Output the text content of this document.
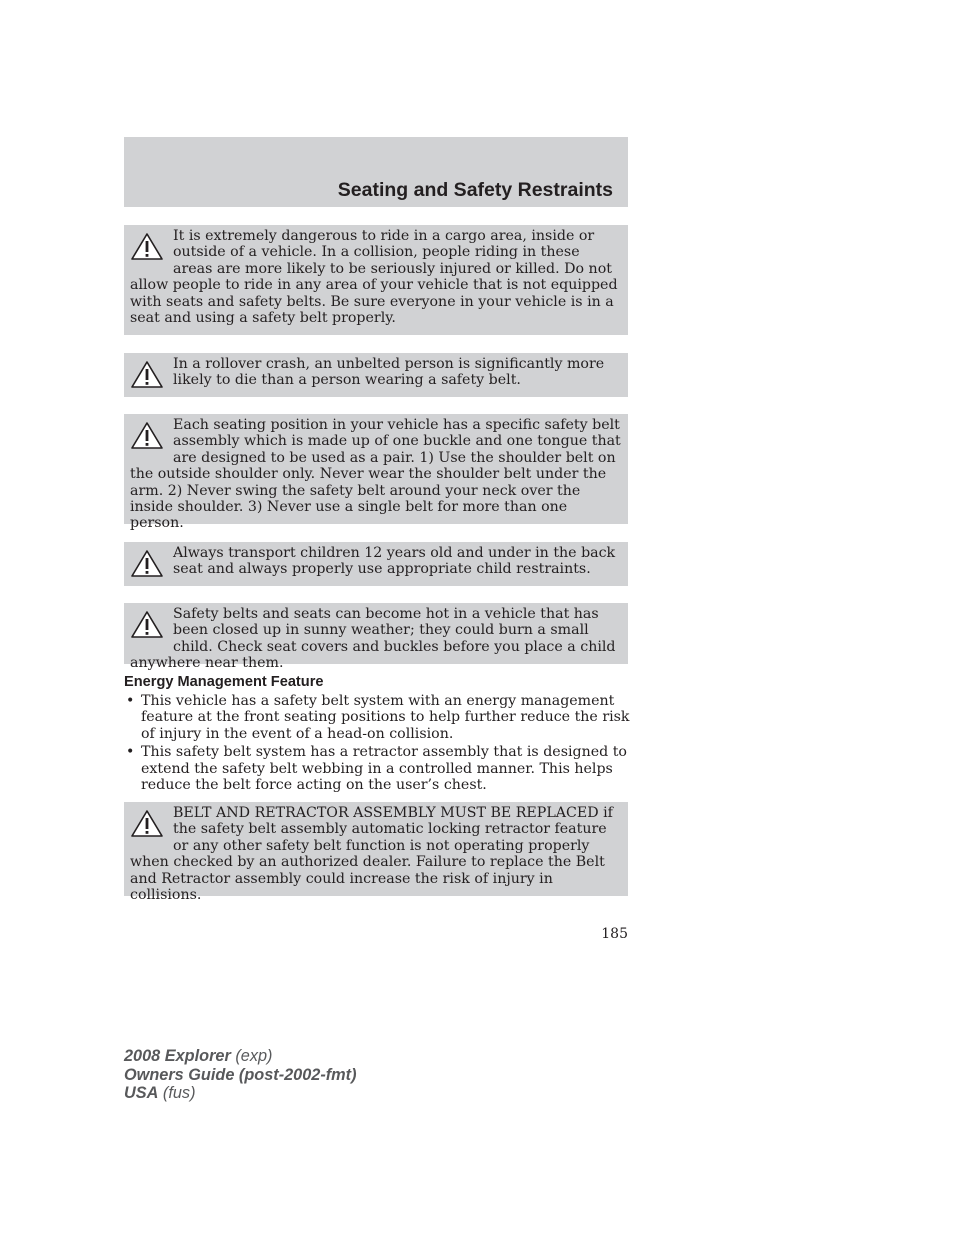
Seating and Safety Restraints
It is extremely dangerous to ride in a cargo area, inside or outside of a vehicle. In a collision, people riding in these areas are more likely to be seriously injured or killed. Do not allow people to ride in any area of your vehicle that is not equipped with seats and safety belts. Be sure everyone in your vehicle is in a seat and using a safety belt properly.
In a rollover crash, an unbelted person is significantly more likely to die than a person wearing a safety belt.
Each seating position in your vehicle has a specific safety belt assembly which is made up of one buckle and one tongue that are designed to be used as a pair. 1) Use the shoulder belt on the outside shoulder only. Never wear the shoulder belt under the arm. 2) Never swing the safety belt around your neck over the inside shoulder. 3) Never use a single belt for more than one person.
Always transport children 12 years old and under in the back seat and always properly use appropriate child restraints.
Safety belts and seats can become hot in a vehicle that has been closed up in sunny weather; they could burn a small child. Check seat covers and buckles before you place a child anywhere near them.
Energy Management Feature
• This vehicle has a safety belt system with an energy management feature at the front seating positions to help further reduce the risk of injury in the event of a head-on collision.
• This safety belt system has a retractor assembly that is designed to extend the safety belt webbing in a controlled manner. This helps reduce the belt force acting on the user’s chest.
BELT AND RETRACTOR ASSEMBLY MUST BE REPLACED if the safety belt assembly automatic locking retractor feature or any other safety belt function is not operating properly when checked by an authorized dealer. Failure to replace the Belt and Retractor assembly could increase the risk of injury in collisions.
185
2008 Explorer (exp)
Owners Guide (post-2002-fmt)
USA (fus)
